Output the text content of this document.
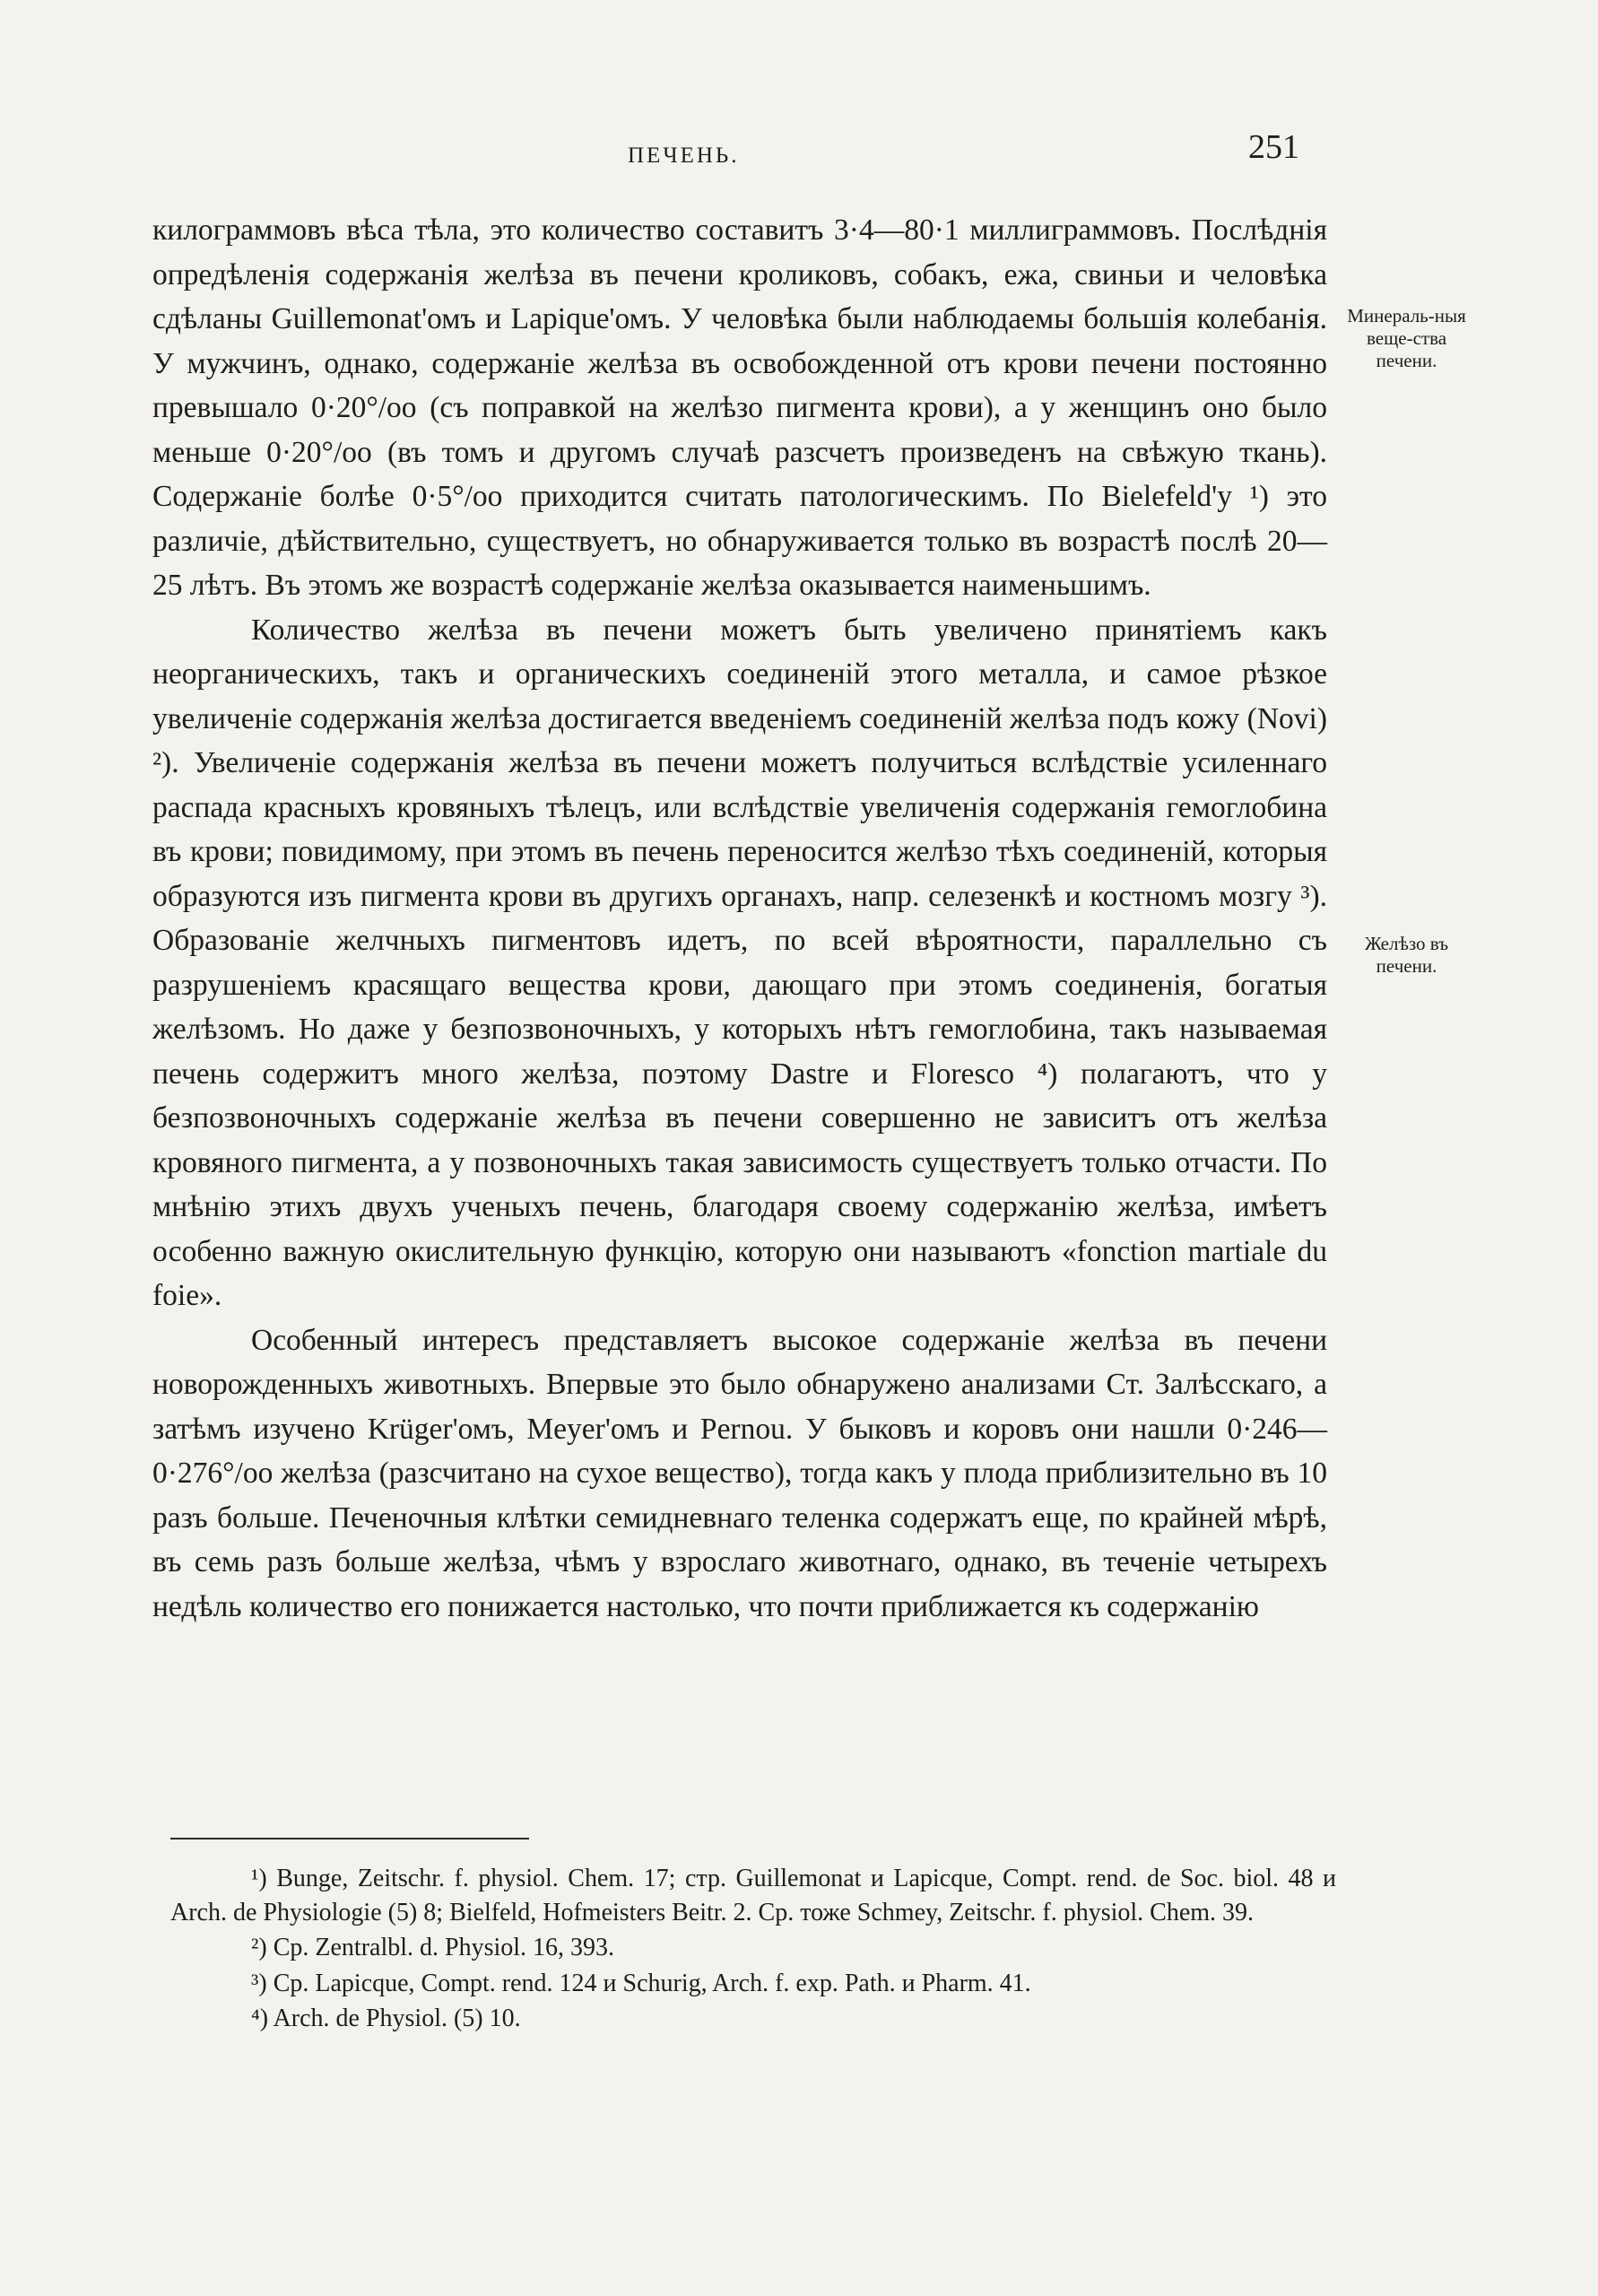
ПЕЧЕНЬ.	251

килограммовъ вѣса тѣла, это количество составитъ 3·4—80·1 миллиграммовъ. Послѣднія опредѣленія содержанія желѣза въ печени кроликовъ, собакъ, ежа, свиньи и человѣка сдѣланы Guillemonat'омъ и Lapique'омъ. У человѣка были наблюдаемы большія колебанія. У мужчинъ, однако, содержаніе желѣза въ освобожденной отъ крови печени постоянно превышало 0·20°/oo (съ поправкой на желѣзо пигмента крови), а у женщинъ оно было меньше 0·20°/oo (въ томъ и другомъ случаѣ разсчетъ произведенъ на свѣжую ткань). Содержаніе болѣе 0·5°/oo приходится считать патологическимъ. По Bielefeld'у ¹) это различіе, дѣйствительно, существуетъ, но обнаруживается только въ возрастѣ послѣ 20—25 лѣтъ. Въ этомъ же возрастѣ содержаніе желѣза оказывается наименьшимъ.

Количество желѣза въ печени можетъ быть увеличено принятіемъ какъ неорганическихъ, такъ и органическихъ соединеній этого металла, и самое рѣзкое увеличеніе содержанія желѣза достигается введеніемъ соединеній желѣза подъ кожу (Novi) ²). Увеличеніе содержанія желѣза въ печени можетъ получиться вслѣдствіе усиленнаго распада красныхъ кровяныхъ тѣлецъ, или вслѣдствіе увеличенія содержанія гемоглобина въ крови; повидимому, при этомъ въ печень переносится желѣзо тѣхъ соединеній, которыя образуются изъ пигмента крови въ другихъ органахъ, напр. селезенкѣ и костномъ мозгу ³). Образованіе желчныхъ пигментовъ идетъ, по всей вѣроятности, параллельно съ разрушеніемъ красящаго вещества крови, дающаго при этомъ соединенія, богатыя желѣзомъ. Но даже у безпозвоночныхъ, у которыхъ нѣтъ гемоглобина, такъ называемая печень содержитъ много желѣза, поэтому Dastre и Floresco ⁴) полагаютъ, что у безпозвоночныхъ содержаніе желѣза въ печени совершенно не зависитъ отъ желѣза кровяного пигмента, а у позвоночныхъ такая зависимость существуетъ только отчасти. По мнѣнію этихъ двухъ ученыхъ печень, благодаря своему содержанію желѣза, имѣетъ особенно важную окислительную функцію, которую они называютъ «fonction martiale du foie».

Особенный интересъ представляетъ высокое содержаніе желѣза въ печени новорожденныхъ животныхъ. Впервые это было обнаружено анализами Ст. Залѣсскаго, а затѣмъ изучено Krüger'омъ, Meyer'омъ и Pernou. У быковъ и коровъ они нашли 0·246—0·276°/oo желѣза (разсчитано на сухое вещество), тогда какъ у плода приблизительно въ 10 разъ больше. Печеночныя клѣтки семидневнаго теленка содержатъ еще, по крайней мѣрѣ, въ семь разъ больше желѣза, чѣмъ у взрослаго животнаго, однако, въ теченіе четырехъ недѣль количество его понижается настолько, что почти приближается къ содержанію

Минераль-ныя веще-ства печени.
Желѣзо въ печени.

¹) Bunge, Zeitschr. f. physiol. Chem. 17; стр. Guillemonat и Lapicque, Compt. rend. de Soc. biol. 48 и Arch. de Physiologie (5) 8; Bielfeld, Hofmeisters Beitr. 2. Ср. тоже Schmey, Zeitschr. f. physiol. Chem. 39.

²) Ср. Zentralbl. d. Physiol. 16, 393.

³) Ср. Lapicque, Compt. rend. 124 и Schurig, Arch. f. exp. Path. и Pharm. 41.

⁴) Arch. de Physiol. (5) 10.
